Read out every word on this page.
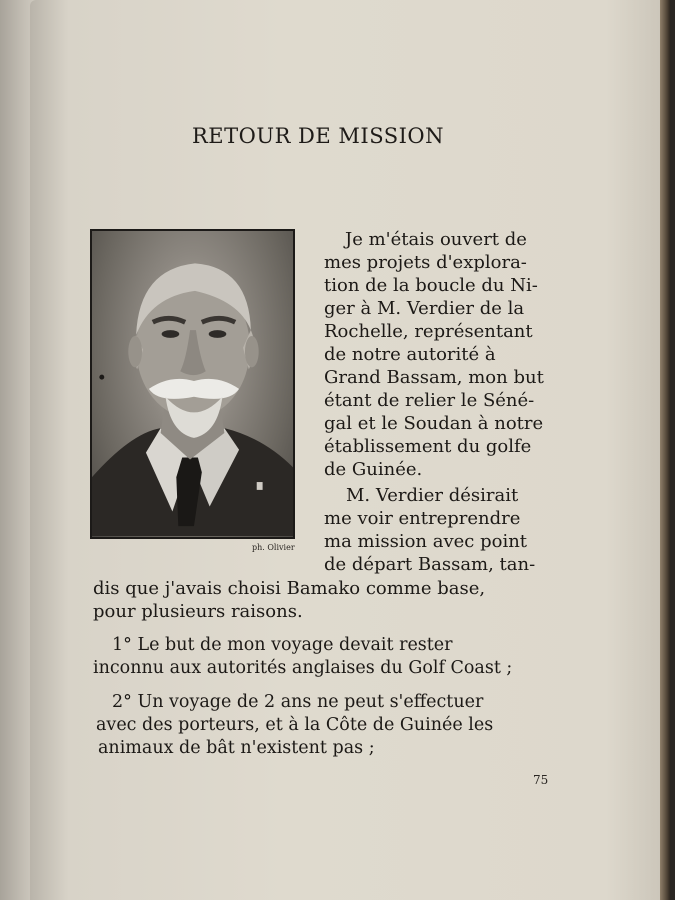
RETOUR DE MISSION
ph. Olivier
Je m'étais ouvert de
mes projets d'explora-
tion de la boucle du Ni-
ger à M. Verdier de la
Rochelle, représentant
de notre autorité à
Grand Bassam, mon but
étant de relier le Séné-
gal et le Soudan à notre
établissement du golfe
de Guinée.
M. Verdier désirait
me voir entreprendre
ma mission avec point
de départ Bassam, tan-
dis que j'avais choisi Bamako comme base,
pour plusieurs raisons.
1° Le but de mon voyage devait rester
inconnu aux autorités anglaises du Golf Coast ;
2° Un voyage de 2 ans ne peut s'effectuer
avec des porteurs, et à la Côte de Guinée les
animaux de bât n'existent pas ;
75
